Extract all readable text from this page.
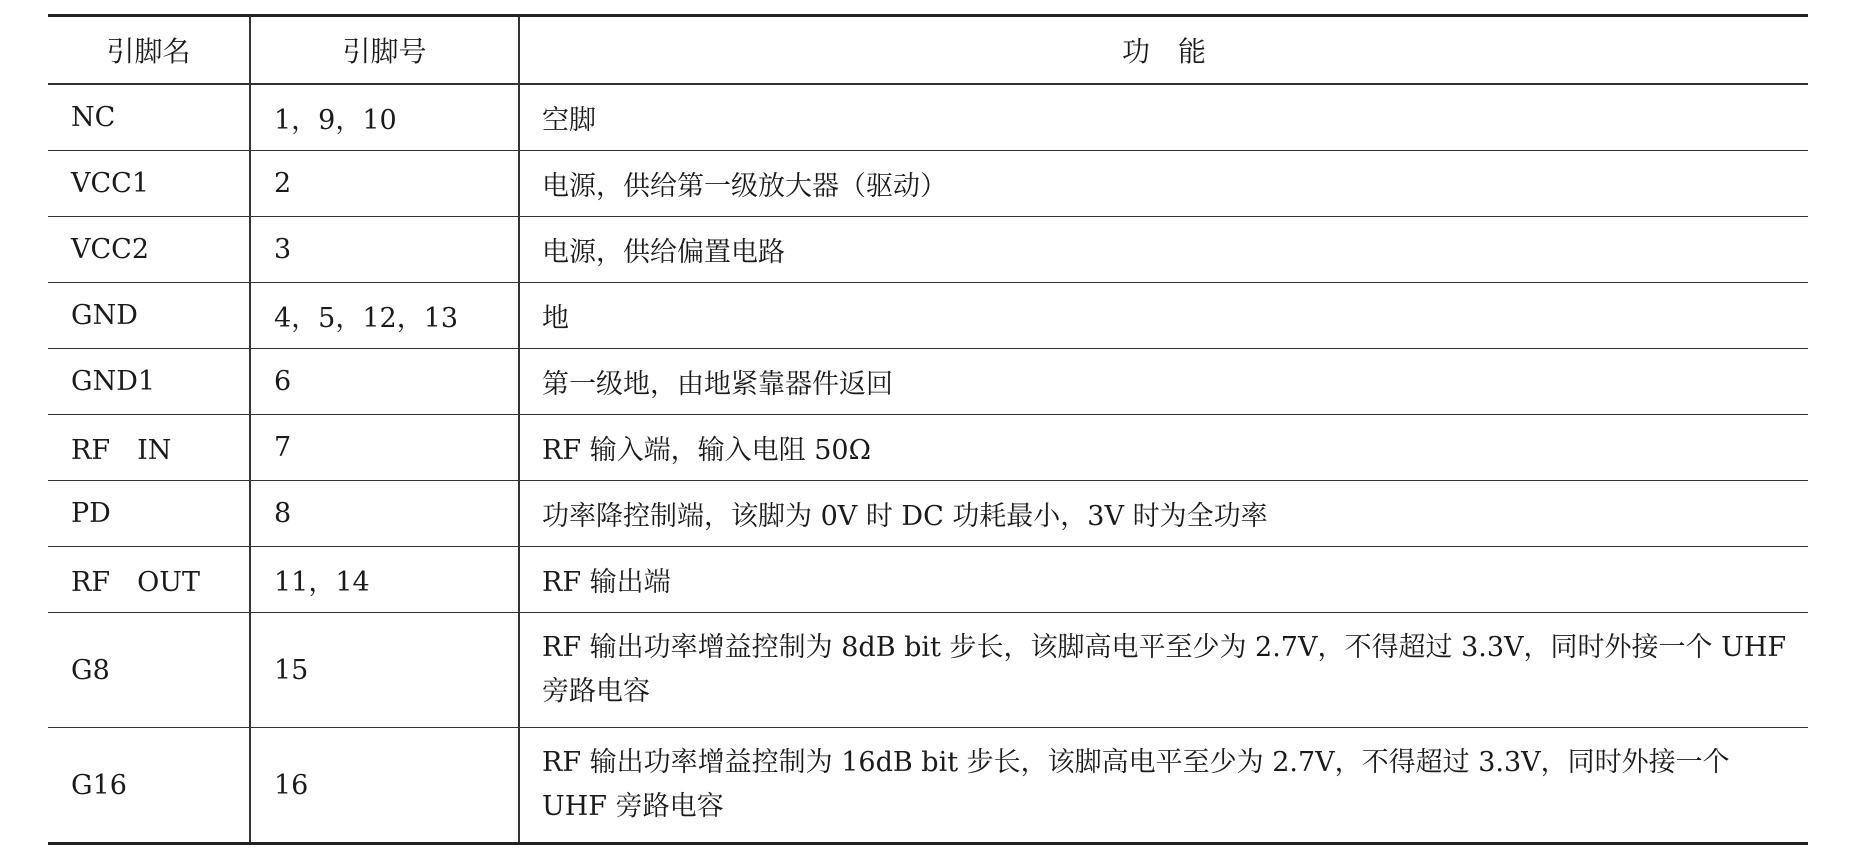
引脚名	引脚号	功能
NC	1，9，10	空脚
VCC1	2	电源，供给第一级放大器（驱动）
VCC2	3	电源，供给偏置电路
GND	4，5，12，13	地
GND1	6	第一级地，由地紧靠器件返回
RF　IN	7	RF 输入端，输入电阻 50Ω
PD	8	功率降控制端，该脚为 0V 时 DC 功耗最小，3V 时为全功率
RF　OUT	11，14	RF 输出端
G8	15	RF 输出功率增益控制为 8dB bit 步长，该脚高电平至少为 2.7V，不得超过 3.3V，同时外接一个 UHF 旁路电容
G16	16	RF 输出功率增益控制为 16dB bit 步长，该脚高电平至少为 2.7V，不得超过 3.3V，同时外接一个 UHF 旁路电容
